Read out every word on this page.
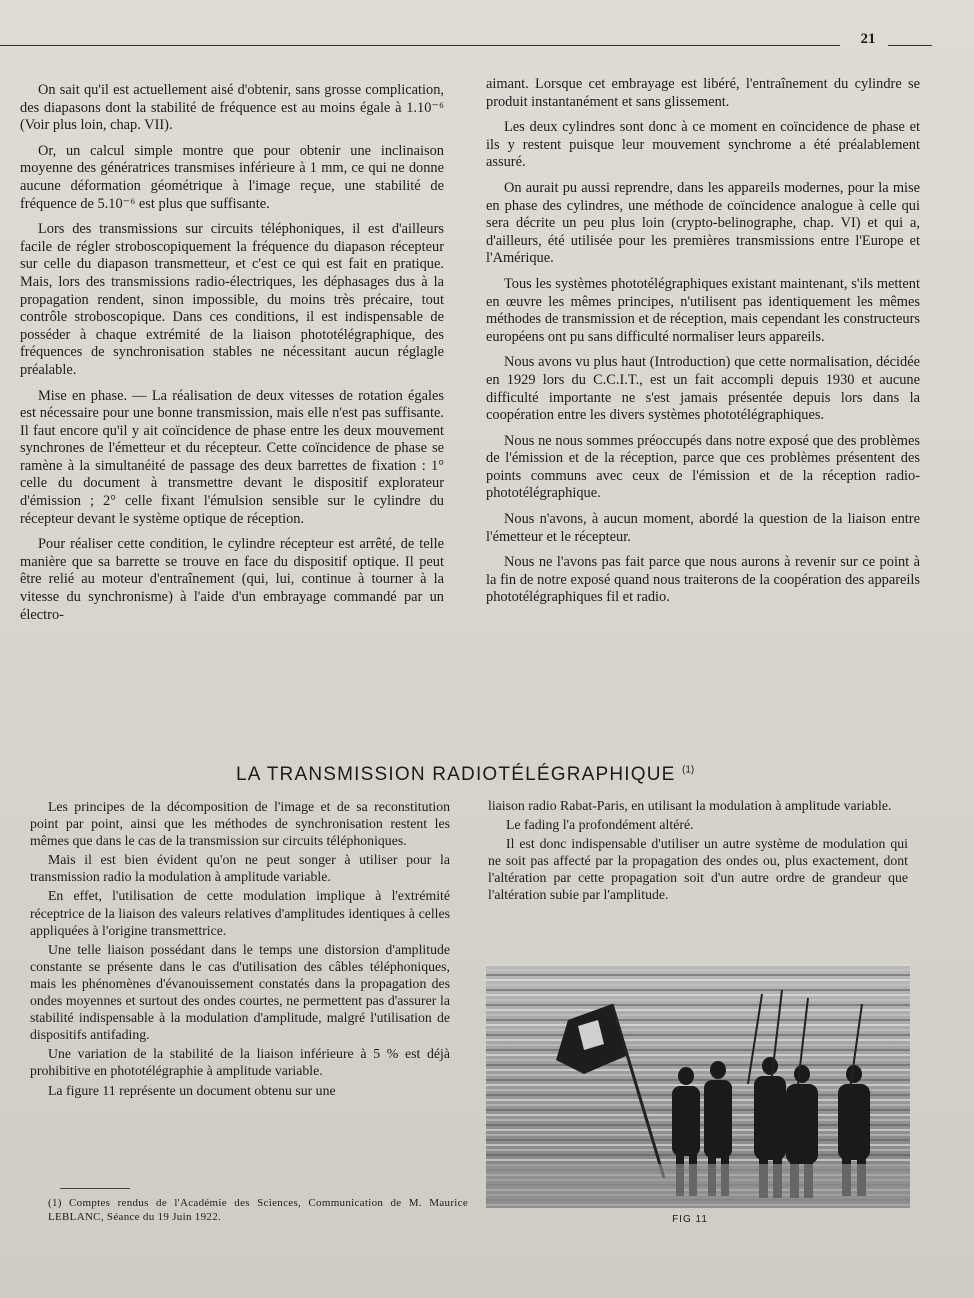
21

On sait qu'il est actuellement aisé d'obtenir, sans grosse complication, des diapasons dont la stabilité de fréquence est au moins égale à 1.10⁻⁶ (Voir plus loin, chap. VII).

Or, un calcul simple montre que pour obtenir une inclinaison moyenne des génératrices transmises inférieure à 1 mm, ce qui ne donne aucune déformation géométrique à l'image reçue, une stabilité de fréquence de 5.10⁻⁶ est plus que suffisante.

Lors des transmissions sur circuits téléphoniques, il est d'ailleurs facile de régler stroboscopiquement la fréquence du diapason récepteur sur celle du diapason transmetteur, et c'est ce qui est fait en pratique. Mais, lors des transmissions radio-électriques, les déphasages dus à la propagation rendent, sinon impossible, du moins très précaire, tout contrôle stroboscopique. Dans ces conditions, il est indispensable de posséder à chaque extrémité de la liaison phototélégraphique, des fréquences de synchronisation stables ne nécessitant aucun réglagle préalable.

Mise en phase. — La réalisation de deux vitesses de rotation égales est nécessaire pour une bonne transmission, mais elle n'est pas suffisante. Il faut encore qu'il y ait coïncidence de phase entre les deux mouvement synchrones de l'émetteur et du récepteur. Cette coïncidence de phase se ramène à la simultanéité de passage des deux barrettes de fixation : 1° celle du document à transmettre devant le dispositif explorateur d'émission ; 2° celle fixant l'émulsion sensible sur le cylindre du récepteur devant le système optique de réception.

Pour réaliser cette condition, le cylindre récepteur est arrêté, de telle manière que sa barrette se trouve en face du dispositif optique. Il peut être relié au moteur d'entraînement (qui, lui, continue à tourner à la vitesse du synchronisme) à l'aide d'un embrayage commandé par un électro-

aimant. Lorsque cet embrayage est libéré, l'entraînement du cylindre se produit instantanément et sans glissement.

Les deux cylindres sont donc à ce moment en coïncidence de phase et ils y restent puisque leur mouvement synchrome a été préalablement assuré.

On aurait pu aussi reprendre, dans les appareils modernes, pour la mise en phase des cylindres, une méthode de coïncidence analogue à celle qui sera décrite un peu plus loin (crypto-belinographe, chap. VI) et qui a, d'ailleurs, été utilisée pour les premières transmissions entre l'Europe et l'Amérique.

Tous les systèmes phototélégraphiques existant maintenant, s'ils mettent en œuvre les mêmes principes, n'utilisent pas identiquement les mêmes méthodes de transmission et de réception, mais cependant les constructeurs européens ont pu sans difficulté normaliser leurs appareils.

Nous avons vu plus haut (Introduction) que cette normalisation, décidée en 1929 lors du C.C.I.T., est un fait accompli depuis 1930 et aucune difficulté importante ne s'est jamais présentée depuis lors dans la coopération entre les divers systèmes phototélégraphiques.

Nous ne nous sommes préoccupés dans notre exposé que des problèmes de l'émission et de la réception, parce que ces problèmes présentent des points communs avec ceux de l'émission et de la réception radio-phototélégraphique.

Nous n'avons, à aucun moment, abordé la question de la liaison entre l'émetteur et le récepteur.

Nous ne l'avons pas fait parce que nous aurons à revenir sur ce point à la fin de notre exposé quand nous traiterons de la coopération des appareils phototélégraphiques fil et radio.

LA TRANSMISSION RADIOTÉLÉGRAPHIQUE $^{(1)}$

Les principes de la décomposition de l'image et de sa reconstitution point par point, ainsi que les méthodes de synchronisation restent les mêmes que dans le cas de la transmission sur circuits téléphoniques.

Mais il est bien évident qu'on ne peut songer à utiliser pour la transmission radio la modulation à amplitude variable.

En effet, l'utilisation de cette modulation implique à l'extrémité réceptrice de la liaison des valeurs relatives d'amplitudes identiques à celles appliquées à l'origine transmettrice.

Une telle liaison possédant dans le temps une distorsion d'amplitude constante se présente dans le cas d'utilisation des câbles téléphoniques, mais les phénomènes d'évanouissement constatés dans la propagation des ondes moyennes et surtout des ondes courtes, ne permettent pas d'assurer la stabilité indispensable à la modulation d'amplitude, malgré l'utilisation de dispositifs antifading.

Une variation de la stabilité de la liaison inférieure à 5 % est déjà prohibitive en phototélégraphie à amplitude variable.

La figure 11 représente un document obtenu sur une

liaison radio Rabat-Paris, en utilisant la modulation à amplitude variable.

Le fading l'a profondément altéré.

Il est donc indispensable d'utiliser un autre système de modulation qui ne soit pas affecté par la propagation des ondes ou, plus exactement, dont l'altération par cette propagation soit d'un autre ordre de grandeur que l'altération subie par l'amplitude.

FIG 11
(1) Comptes rendus de l'Académie des Sciences, Communication de M. Maurice LEBLANC, Séance du 19 Juin 1922.
